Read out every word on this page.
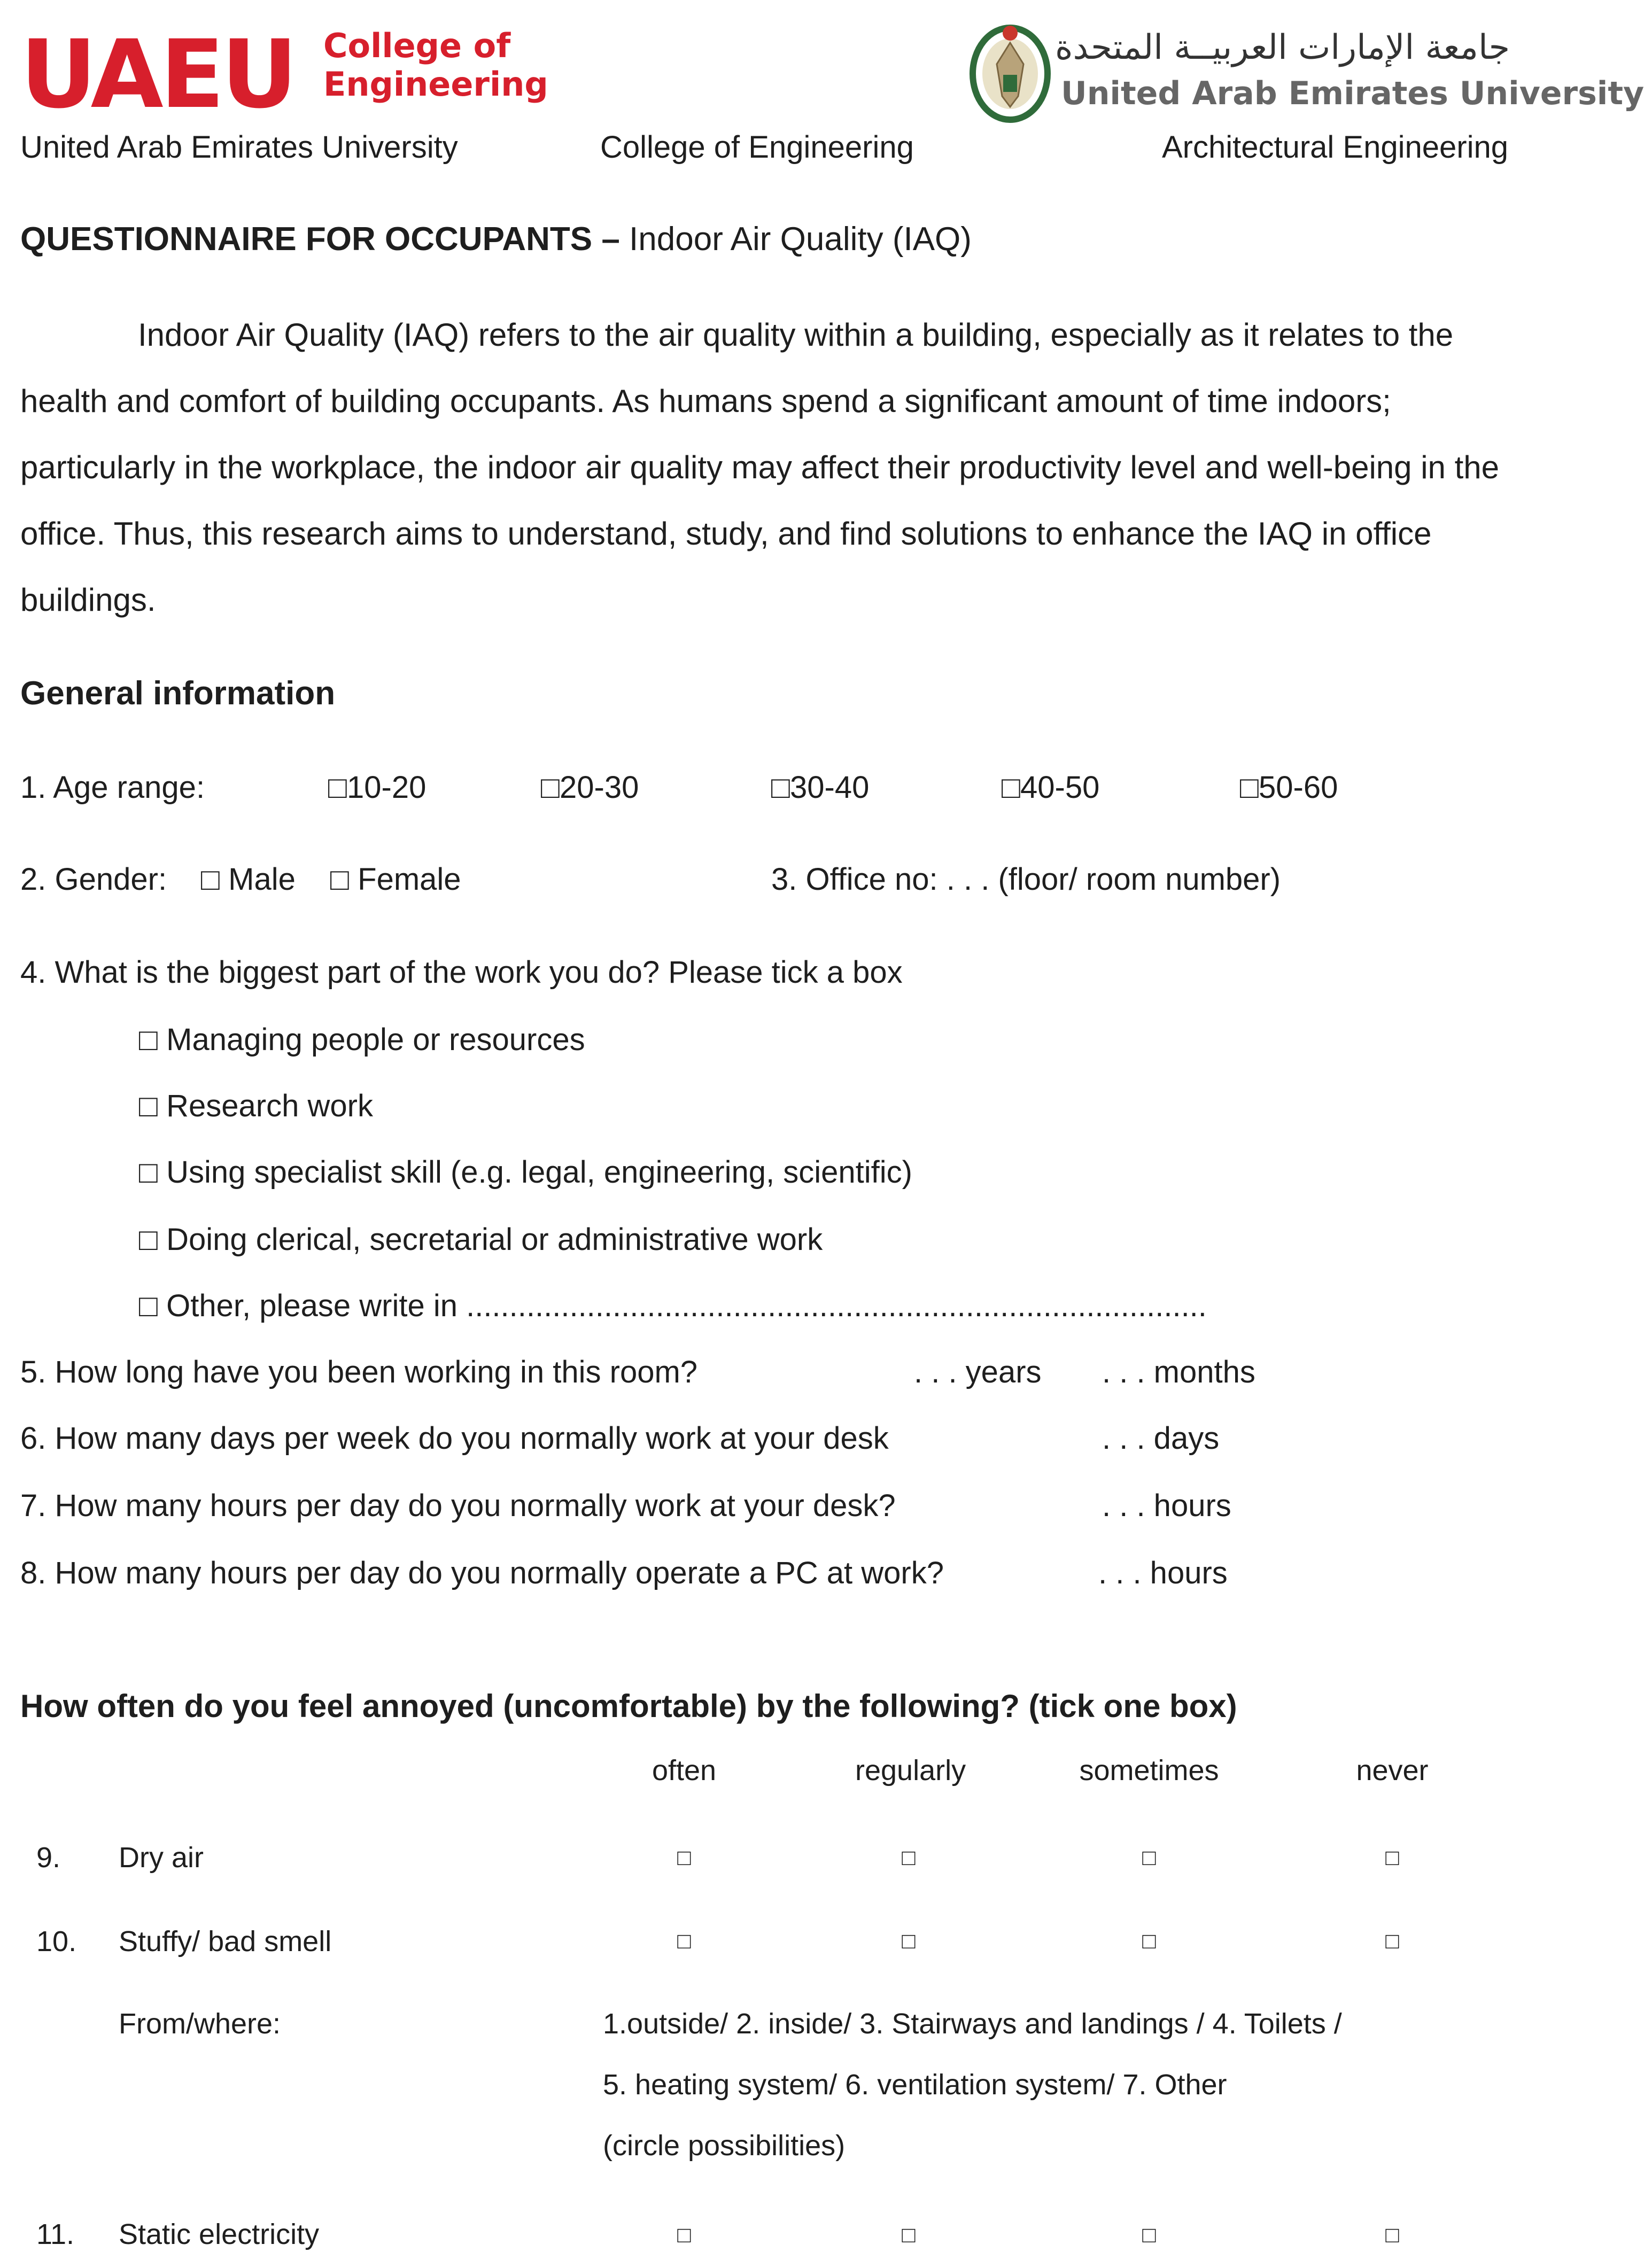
UAEU College of
Engineering
جامعة الإمارات العربيــة المتحدة
United Arab Emirates University
United Arab Emirates University	College of Engineering	Architectural Engineering
QUESTIONNAIRE FOR OCCUPANTS – Indoor Air Quality (IAQ)
Indoor Air Quality (IAQ) refers to the air quality within a building, especially as it relates to the health and comfort of building occupants. As humans spend a significant amount of time indoors; particularly in the workplace, the indoor air quality may affect their productivity level and well-being in the office. Thus, this research aims to understand, study, and find solutions to enhance the IAQ in office buildings.
General information
1. Age range:	□10-20	□20-30	□30-40	□40-50	□50-60
2. Gender: □ Male □ Female	3. Office no: . . . (floor/ room number)
4. What is the biggest part of the work you do? Please tick a box
□ Managing people or resources
□ Research work
□ Using specialist skill (e.g. legal, engineering, scientific)
□ Doing clerical, secretarial or administrative work
□ Other, please write in ......................................................................................
5. How long have you been working in this room?	. . . years . . . months
6. How many days per week do you normally work at your desk	. . . days
7. How many hours per day do you normally work at your desk?	. . . hours
8. How many hours per day do you normally operate a PC at work?	. . . hours
How often do you feel annoyed (uncomfortable) by the following? (tick one box)
often	regularly	sometimes	never
9. Dry air	□	□	□	□
10. Stuffy/ bad smell	□	□	□	□
From/where:	1.outside/ 2. inside/ 3. Stairways and landings / 4. Toilets /
5. heating system/ 6. ventilation system/ 7. Other
(circle possibilities)
11. Static electricity	□	□	□	□
